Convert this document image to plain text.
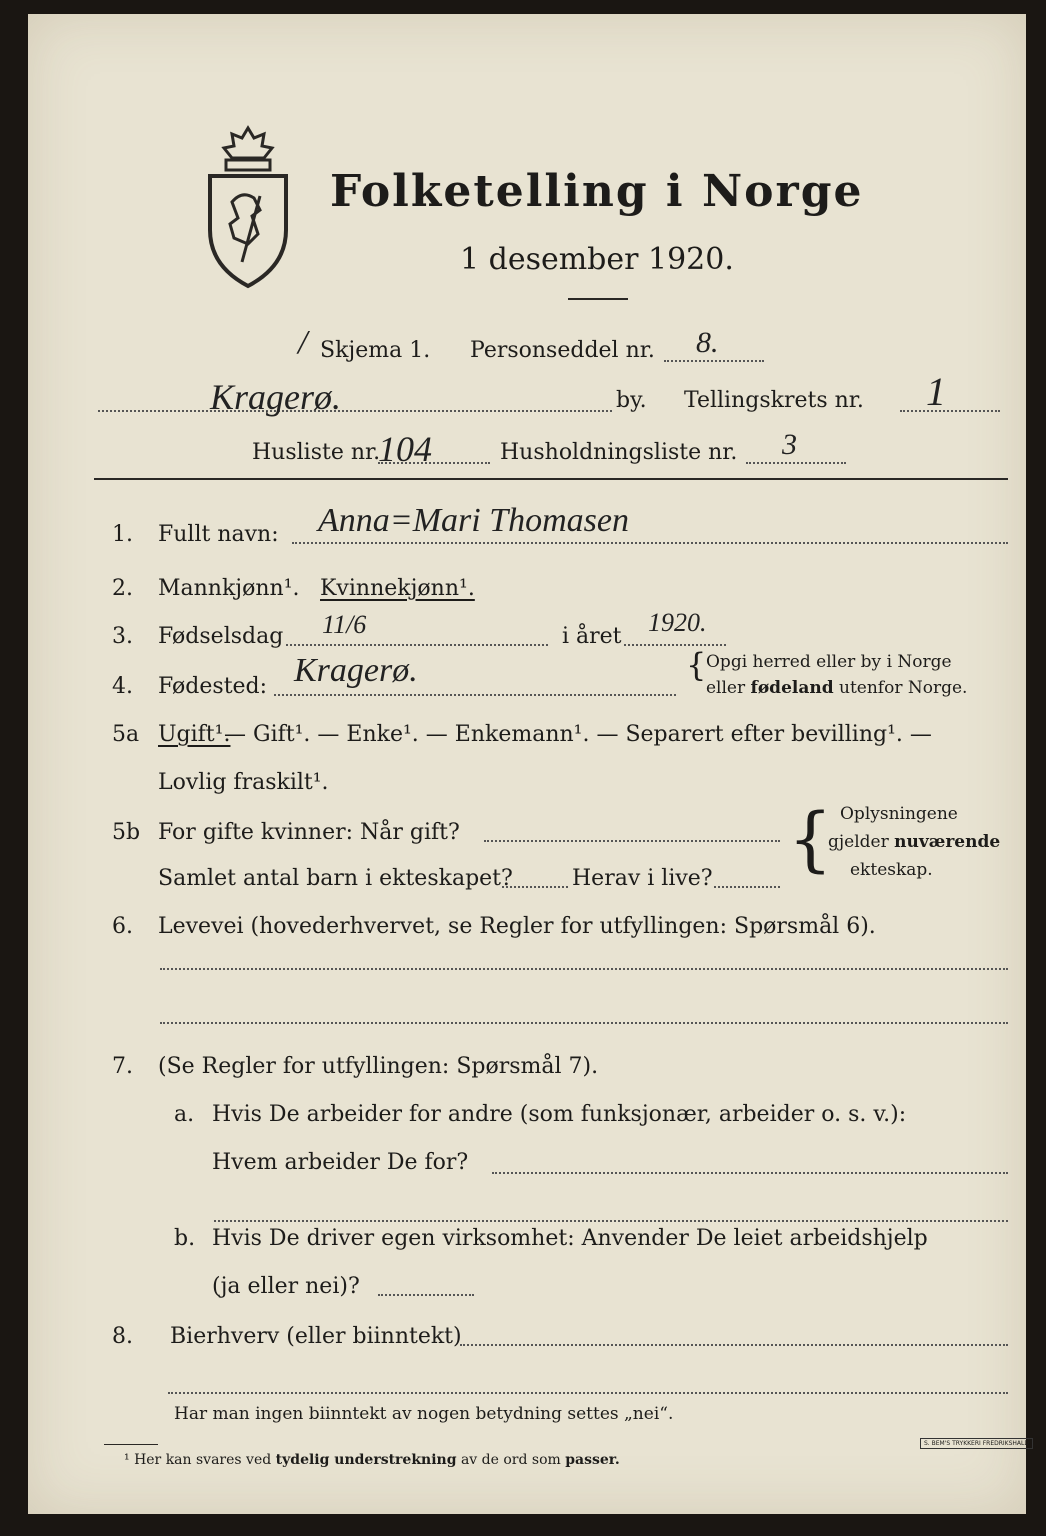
Folketelling i Norge
1 desember 1920.
/ Skjema 1. Personseddel nr. 8.
Kragerø.	by. Tellingskrets nr. 1
Husliste nr.
104	Husholdningsliste nr. 3
1. Fullt navn: Anna=Mari Thomasen
2. Mannkjønn¹. Kvinnekjønn¹.
3. Fødselsdag 11/6	i året 1920.
4. Fødested: Kragerø.	{ Opgi herred eller by i Norge
eller fødeland utenfor Norge.
5a Ugift¹.
— Gift¹. — Enke¹. — Enkemann¹. — Separert efter bevilling¹. —
Lovlig fraskilt¹.
5b For gifte kvinner: Når gift?
Samlet antal barn i ekteskapet?	Herav i live? { Oplysningene
gjelder nuværende
ekteskap.
6. Levevei (hovederhvervet, se Regler for utfyllingen: Spørsmål 6).
7. (Se Regler for utfyllingen: Spørsmål 7).
a. Hvis De arbeider for andre (som funksjonær, arbeider o. s. v.):
Hvem arbeider De for?
b. Hvis De driver egen virksomhet: Anvender De leiet arbeidshjelp
(ja eller nei)?
8. Bierhverv (eller biinntekt)
Har man ingen biinntekt av nogen betydning settes „nei“.
¹ Her kan svares ved tydelig understrekning av de ord som passer.
S. BEM'S TRYKKERI FREDRIKSHALD
